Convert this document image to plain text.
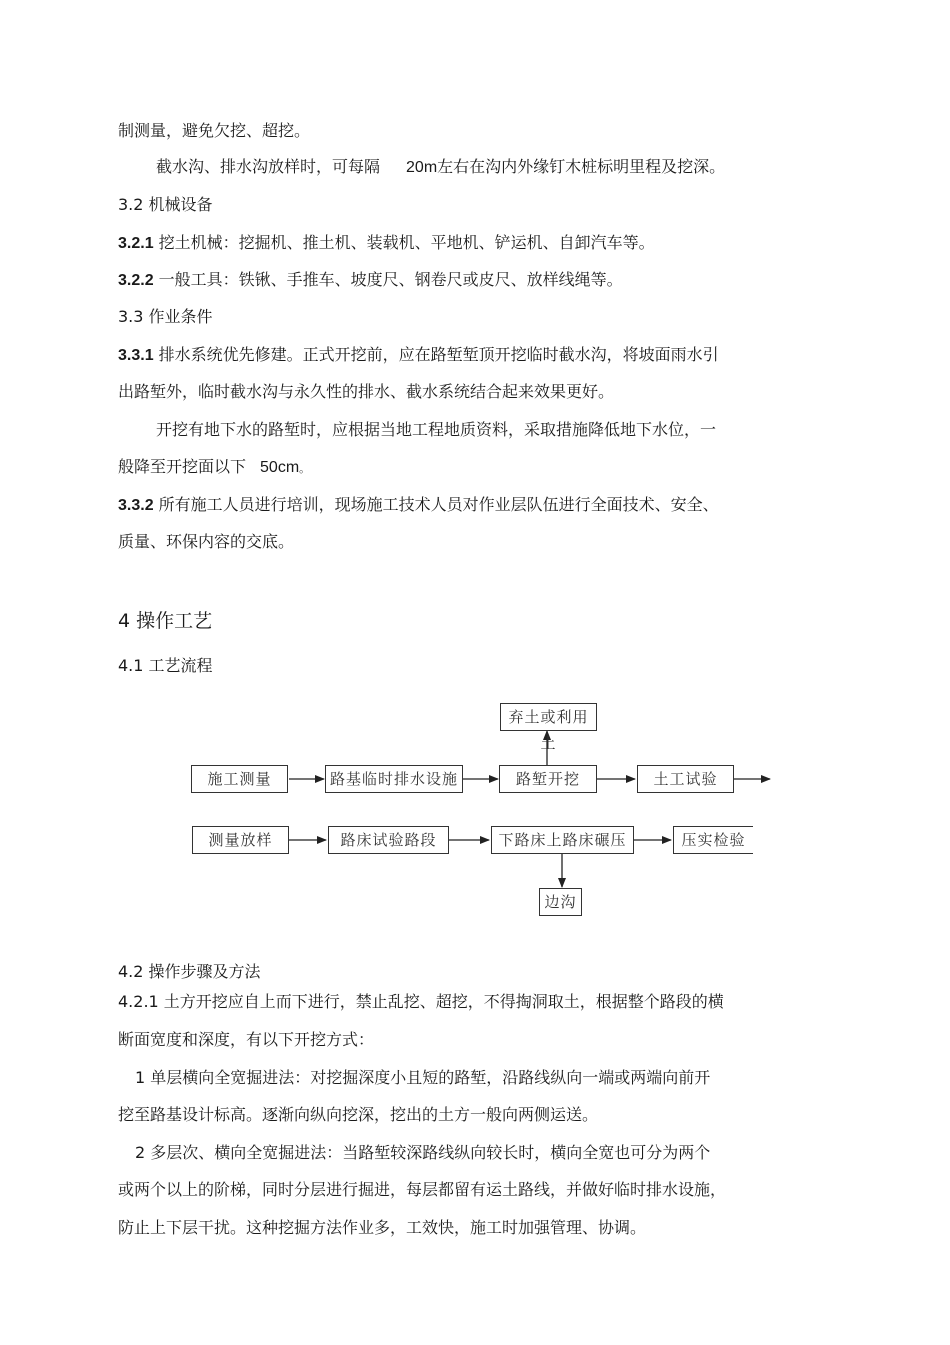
制测量，避免欠挖、超挖。
截水沟、排水沟放样时，可每隔 20m左右在沟内外缘钉木桩标明里程及挖深。
3.2 机械设备
3.2.1 挖土机械：挖掘机、推土机、装载机、平地机、铲运机、自卸汽车等。
3.2.2 一般工具：铁锹、手推车、坡度尺、钢卷尺或皮尺、放样线绳等。
3.3 作业条件
3.3.1 排水系统优先修建。正式开挖前，应在路堑堑顶开挖临时截水沟，将坡面雨水引
出路堑外，临时截水沟与永久性的排水、截水系统结合起来效果更好。
开挖有地下水的路堑时，应根据当地工程地质资料，采取措施降低地下水位，一
般降至开挖面以下 50cm。
3.3.2 所有施工人员进行培训，现场施工技术人员对作业层队伍进行全面技术、安全、
质量、环保内容的交底。
4 操作工艺
4.1 工艺流程
弃土或利用土
施工测量	路基临时排水设施	路堑开挖	土工试验
测量放样	路床试验路段	下路床上路床碾压	压实检验
边沟
4.2 操作步骤及方法
4.2.1 土方开挖应自上而下进行，禁止乱挖、超挖，不得掏洞取土，根据整个路段的横
断面宽度和深度，有以下开挖方式：
1 单层横向全宽掘进法：对挖掘深度小且短的路堑，沿路线纵向一端或两端向前开
挖至路基设计标高。逐渐向纵向挖深，挖出的土方一般向两侧运送。
2 多层次、横向全宽掘进法：当路堑较深路线纵向较长时，横向全宽也可分为两个
或两个以上的阶梯，同时分层进行掘进，每层都留有运土路线，并做好临时排水设施，
防止上下层干扰。这种挖掘方法作业多，工效快，施工时加强管理、协调。
